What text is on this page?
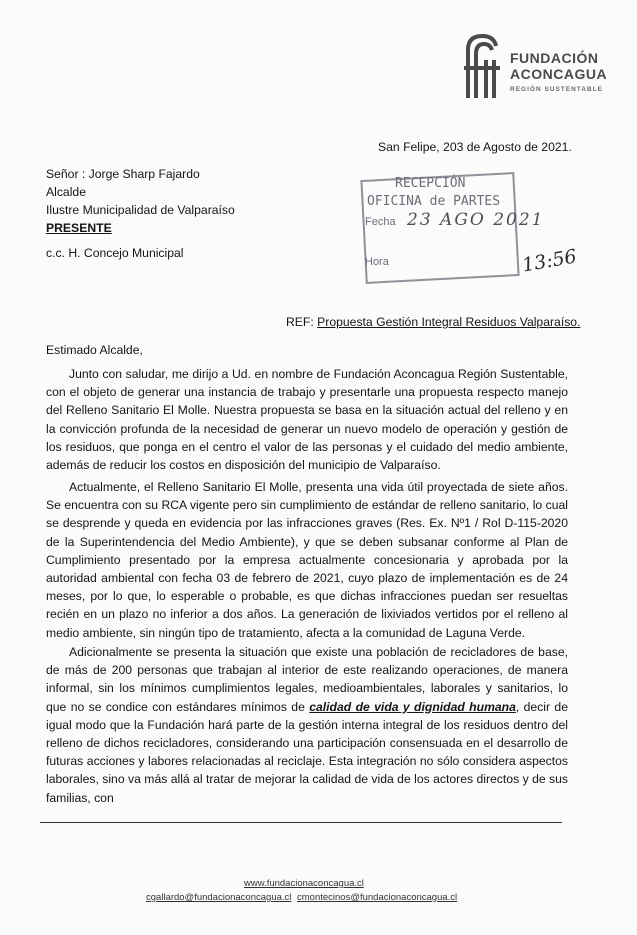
FUNDACIÓN
ACONCAGUA
REGIÓN SUSTENTABLE
San Felipe, 203 de Agosto de 2021.
Señor : Jorge Sharp Fajardo
Alcalde
Ilustre Municipalidad de Valparaíso
PRESENTE
c.c. H. Concejo Municipal
RECEPCIÓN
OFICINA de PARTES
Fecha 23 AGO 2021
Hora	13:56
REF: Propuesta Gestión Integral Residuos Valparaíso.
Estimado Alcalde,
Junto con saludar, me dirijo a Ud. en nombre de Fundación Aconcagua Región Sustentable, con el objeto de generar una instancia de trabajo y presentarle una propuesta respecto manejo del Relleno Sanitario El Molle. Nuestra propuesta se basa en la situación actual del relleno y en la convicción profunda de la necesidad de generar un nuevo modelo de operación y gestión de los residuos, que ponga en el centro el valor de las personas y el cuidado del medio ambiente, además de reducir los costos en disposición del municipio de Valparaíso.
Actualmente, el Relleno Sanitario El Molle, presenta una vida útil proyectada de siete años. Se encuentra con su RCA vigente pero sin cumplimiento de estándar de relleno sanitario, lo cual se desprende y queda en evidencia por las infracciones graves (Res. Ex. Nº1 / Rol D-115-2020 de la Superintendencia del Medio Ambiente), y que se deben subsanar conforme al Plan de Cumplimiento presentado por la empresa actualmente concesionaria y aprobada por la autoridad ambiental con fecha 03 de febrero de 2021, cuyo plazo de implementación es de 24 meses, por lo que, lo esperable o probable, es que dichas infracciones puedan ser resueltas recién en un plazo no inferior a dos años. La generación de lixiviados vertidos por el relleno al medio ambiente, sin ningún tipo de tratamiento, afecta a la comunidad de Laguna Verde.
Adicionalmente se presenta la situación que existe una población de recicladores de base, de más de 200 personas que trabajan al interior de este realizando operaciones, de manera informal, sin los mínimos cumplimientos legales, medioambientales, laborales y sanitarios, lo que no se condice con estándares mínimos de calidad de vida y dignidad humana, decir de igual modo que la Fundación hará parte de la gestión interna integral de los residuos dentro del relleno de dichos recicladores, considerando una participación consensuada en el desarrollo de futuras acciones y labores relacionadas al reciclaje. Esta integración no sólo considera aspectos laborales, sino va más allá al tratar de mejorar la calidad de vida de los actores directos y de sus familias, con
www.fundacionaconcagua.cl
cgallardo@fundacionaconcagua.cl cmontecinos@fundacionaconcagua.cl
